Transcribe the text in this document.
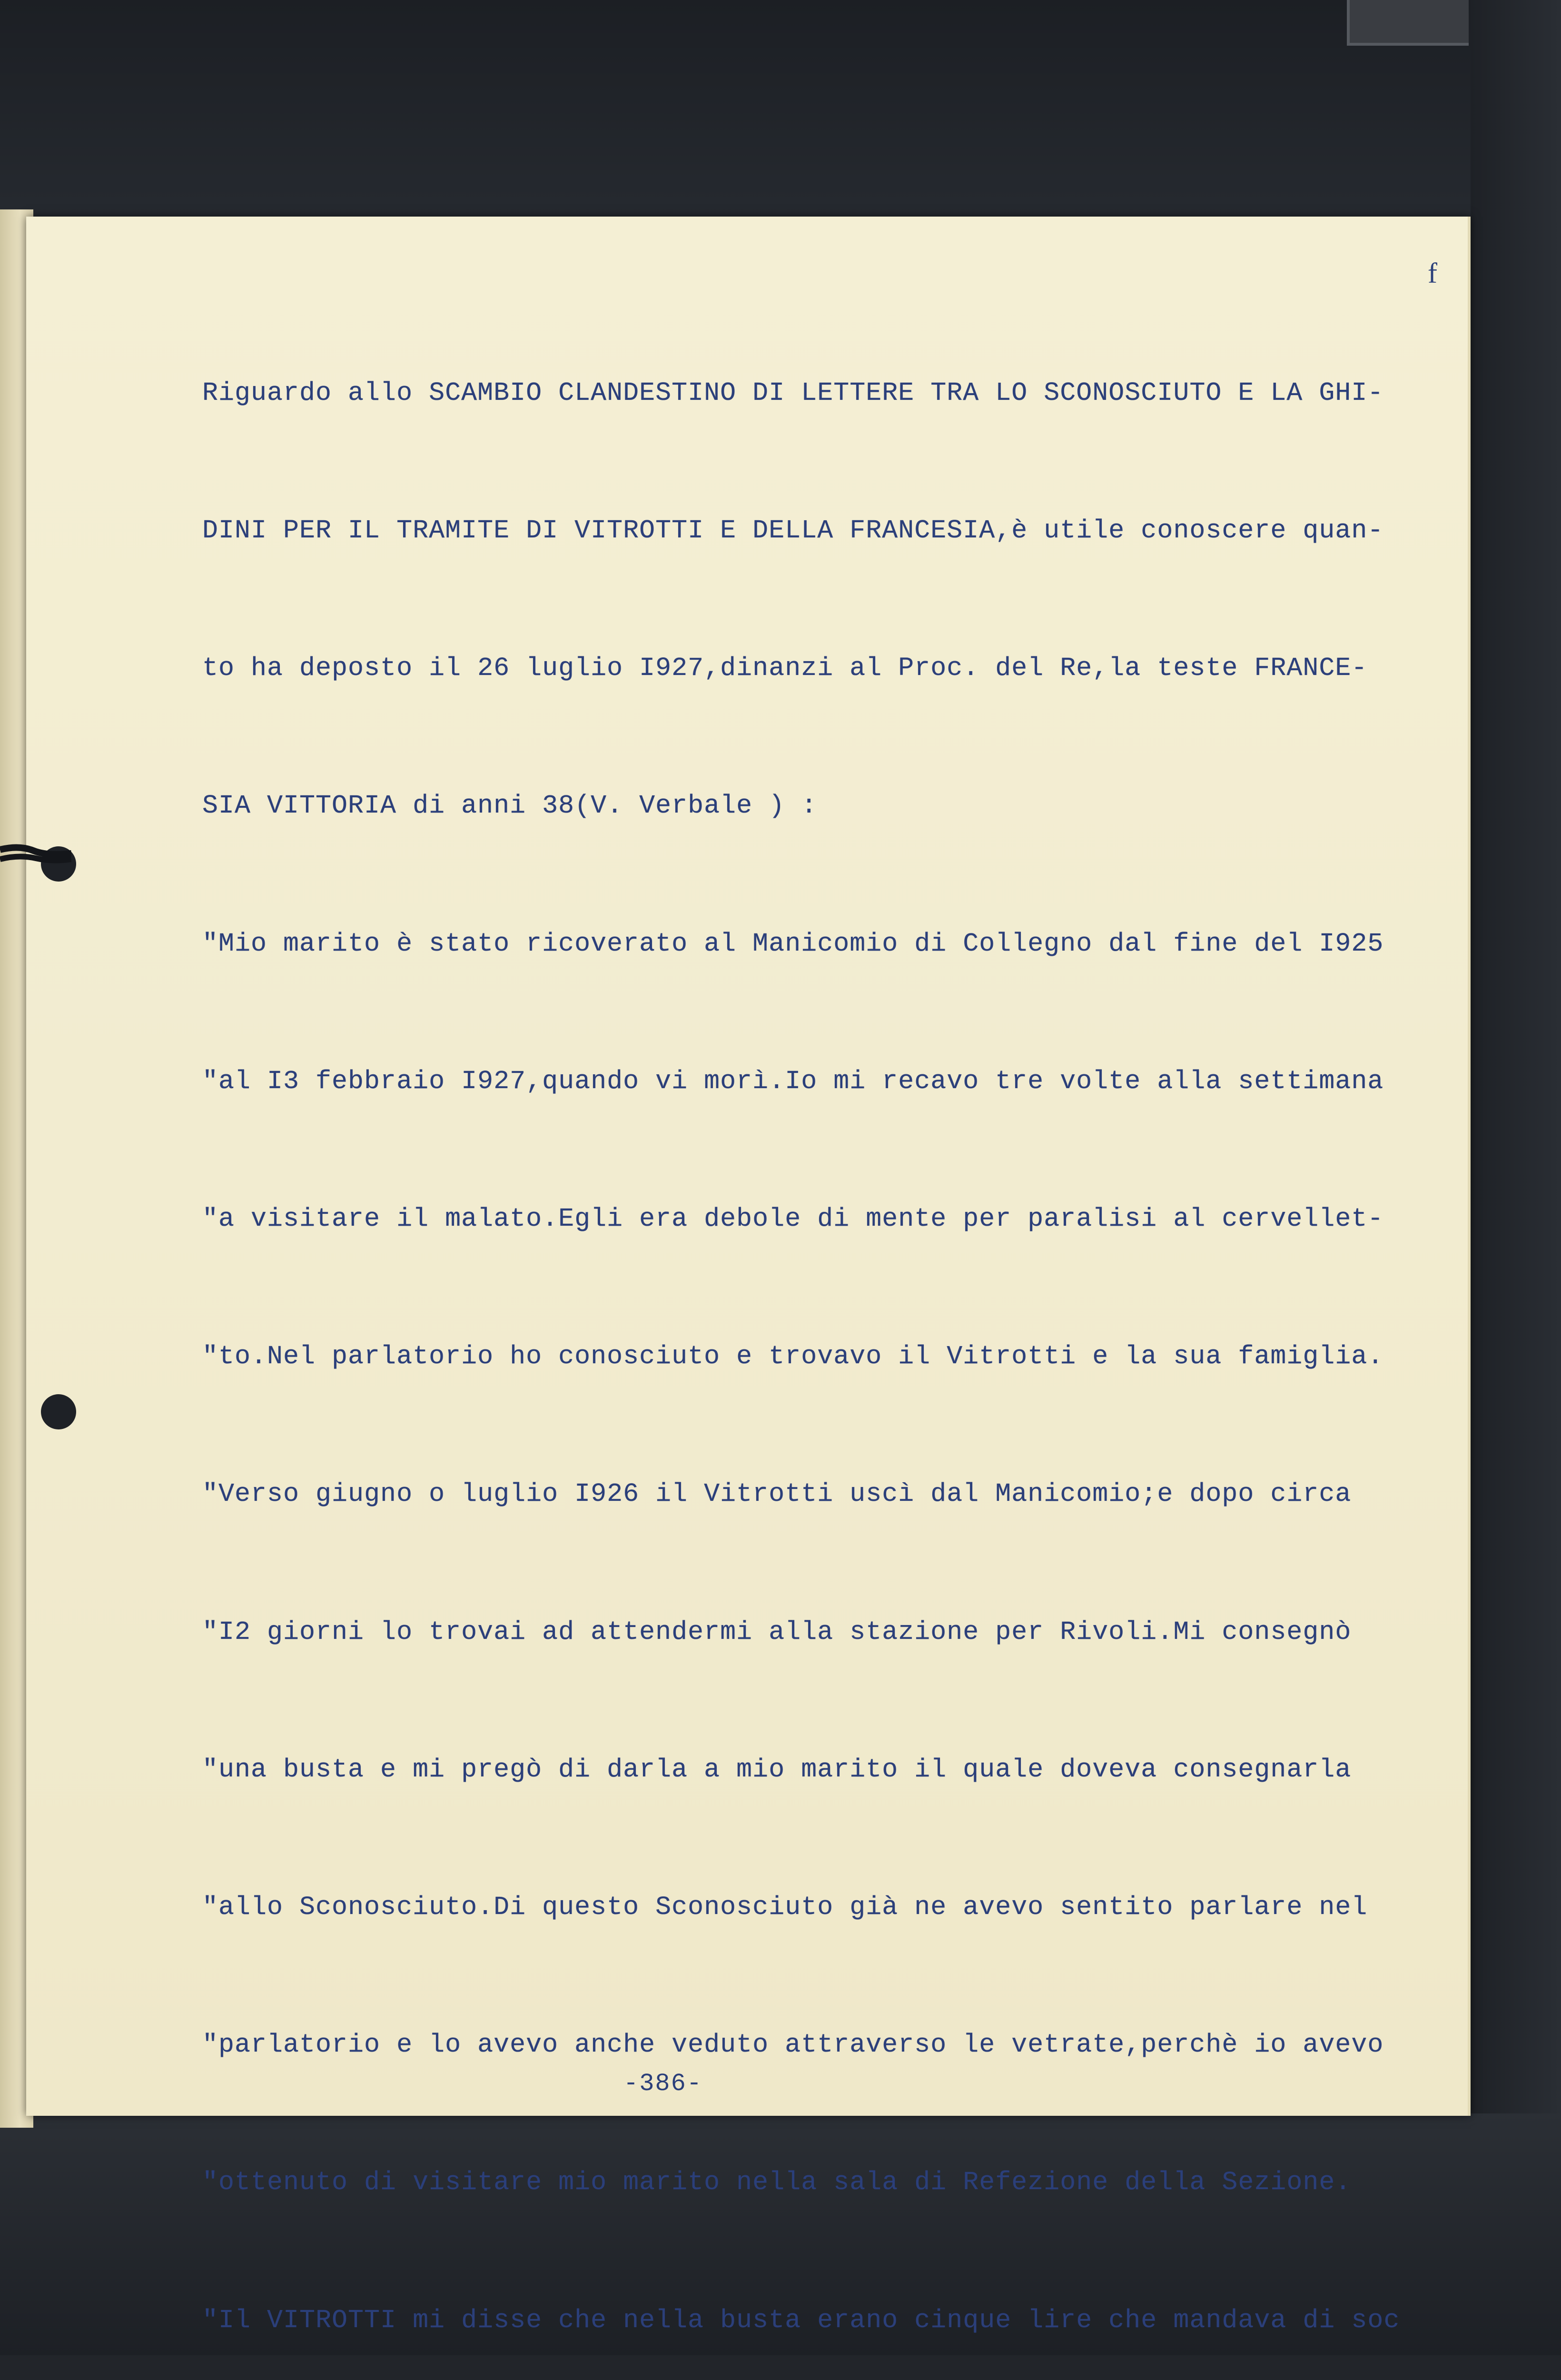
f

Riguardo allo SCAMBIO CLANDESTINO DI LETTERE TRA LO SCONOSCIUTO E LA GHI-

DINI PER IL TRAMITE DI VITROTTI E DELLA FRANCESIA,è utile conoscere quan-

to ha deposto il 26 luglio I927,dinanzi al Proc. del Re,la teste FRANCE-

SIA VITTORIA di anni 38(V. Verbale ) :

"Mio marito è stato ricoverato al Manicomio di Collegno dal fine del I925

"al I3 febbraio I927,quando vi morì.Io mi recavo tre volte alla settimana

"a visitare il malato.Egli era debole di mente per paralisi al cervellet-

"to.Nel parlatorio ho conosciuto e trovavo il Vitrotti e la sua famiglia.

"Verso giugno o luglio I926 il Vitrotti uscì dal Manicomio;e dopo circa

"I2 giorni lo trovai ad attendermi alla stazione per Rivoli.Mi consegnò

"una busta e mi pregò di darla a mio marito il quale doveva consegnarla

"allo Sconosciuto.Di questo Sconosciuto già ne avevo sentito parlare nel

"parlatorio e lo avevo anche veduto attraverso le vetrate,perchè io avevo

"ottenuto di visitare mio marito nella sala di Refezione della Sezione.

"Il VITROTTI mi disse che nella busta erano cinque lire che mandava di soc

-386-
